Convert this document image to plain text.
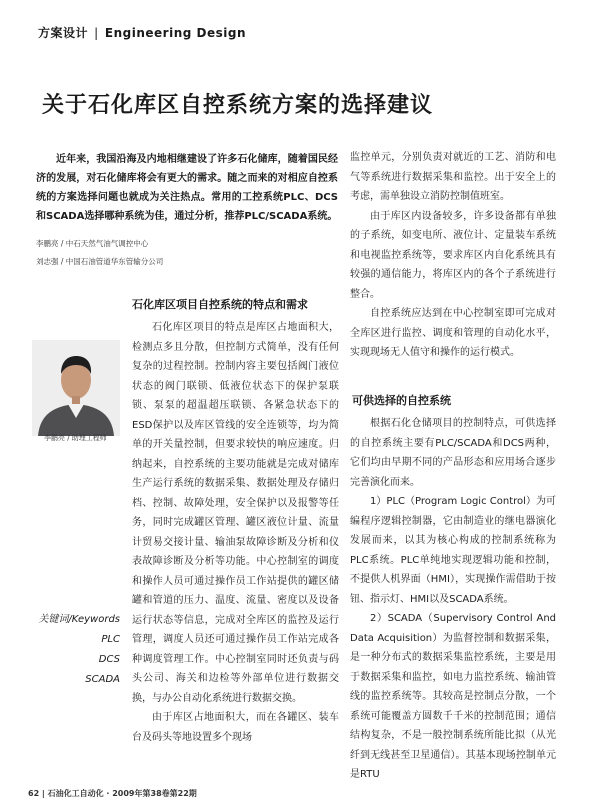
方案设计 | Engineering Design
关于石化库区自控系统方案的选择建议
近年来，我国沿海及内地相继建设了许多石化储库，随着国民经济的发展，对石化储库将会有更大的需求。随之而来的对相应自控系统的方案选择问题也就成为关注热点。常用的工控系统PLC、DCS和SCADA选择哪种系统为佳，通过分析，推荐PLC/SCADA系统。
李鹏亮 / 中石天然气油气调控中心
刘志强 / 中国石油管道华东管输分公司
石化库区项目自控系统的特点和需求
李鹏亮 / 助理工程师

石化库区项目的特点是库区占地面积大，检测点多且分散，但控制方式简单，没有任何复杂的过程控制。控制内容主要包括阀门液位状态的阀门联锁、低液位状态下的保护泵联锁、泵泵的超温超压联锁、各紧急状态下的ESD保护以及库区管线的安全连锁等，均为简单的开关量控制，但要求较快的响应速度。归纳起来，自控系统的主要功能就是完成对储库生产运行系统的数据采集、数据处理及存储归档、控制、故障处理，安全保护以及报警等任务，同时完成罐区管理、罐区液位计量、流量计贸易交接计量、输油泵故障诊断及分析和仪表故障诊断及分析等功能。中心控制室的调度和操作人员可通过操作员工作站提供的罐区储罐和管道的压力、温度、流量、密度以及设备运行状态等信息，完成对全库区的监控及运行管理，调度人员还可通过操作员工作站完成各种调度管理工作。中心控制室同时还负责与码头公司、海关和边检等外部单位进行数据交换，与办公自动化系统进行数据交换。

由于库区占地面积大，而在各罐区、装车台及码头等地设置多个现场

关键词/Keywords
PLC
DCS
SCADA

监控单元，分别负责对就近的工艺、消防和电气等系统进行数据采集和监控。出于安全上的考虑，需单独设立消防控制值班室。

由于库区内设备较多，许多设备都有单独的子系统，如变电所、液位计、定量装车系统和电视监控系统等，要求库区内自化系统具有较强的通信能力，将库区内的各个子系统进行整合。

自控系统应达到在中心控制室即可完成对全库区进行监控、调度和管理的自动化水平，实现现场无人值守和操作的运行模式。

可供选择的自控系统

根据石化仓储项目的控制特点，可供选择的自控系统主要有PLC/SCADA和DCS两种，它们均由早期不同的产品形态和应用场合逐步完善演化而来。

1）PLC（Program Logic Control）为可编程序逻辑控制器，它由制造业的继电器演化发展而来，以其为核心构成的控制系统称为PLC系统。PLC单纯地实现逻辑功能和控制，不提供人机界面（HMI），实现操作需借助于按钮、指示灯、HMI以及SCADA系统。

2）SCADA（Supervisory Control And Data Acquisition）为监督控制和数据采集，是一种分布式的数据采集监控系统，主要是用于数据采集和监控，如电力监控系统、输油管线的监控系统等。其较高是控制点分散，一个系统可能覆盖方圆数千千米的控制范围；通信结构复杂，不是一般控制系统所能比拟（从光纤到无线甚至卫星通信）。其基本现场控制单元是RTU

62 | 石油化工自动化 · 2009年第38卷第22期
